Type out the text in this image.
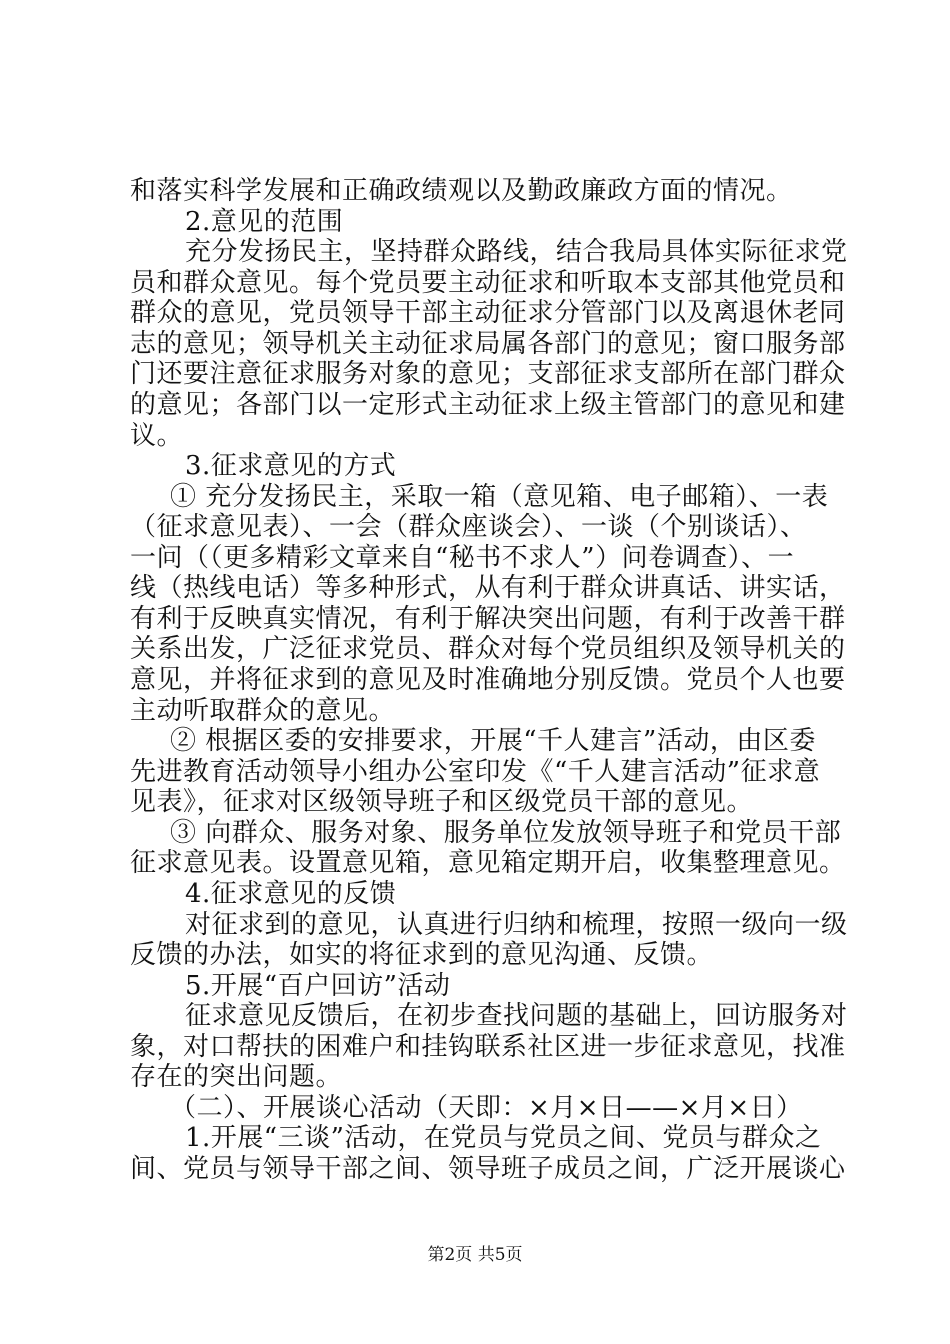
和落实科学发展和正确政绩观以及勤政廉政方面的情况。
2.意见的范围
充分发扬民主，坚持群众路线，结合我局具体实际征求党
员和群众意见。每个党员要主动征求和听取本支部其他党员和
群众的意见，党员领导干部主动征求分管部门以及离退休老同
志的意见；领导机关主动征求局属各部门的意见；窗口服务部
门还要注意征求服务对象的意见；支部征求支部所在部门群众
的意见；各部门以一定形式主动征求上级主管部门的意见和建
议。
3.征求意见的方式
① 充分发扬民主，采取一箱（意见箱、电子邮箱）、一表
（征求意见表）、一会（群众座谈会）、一谈（个别谈话）、
一问（（更多精彩文章来自“秘书不求人”）问卷调查）、一
线（热线电话）等多种形式，从有利于群众讲真话、讲实话，
有利于反映真实情况，有利于解决突出问题，有利于改善干群
关系出发，广泛征求党员、群众对每个党员组织及领导机关的
意见，并将征求到的意见及时准确地分别反馈。党员个人也要
主动听取群众的意见。
② 根据区委的安排要求，开展“千人建言”活动，由区委
先进教育活动领导小组办公室印发《“千人建言活动”征求意
见表》，征求对区级领导班子和区级党员干部的意见。
③ 向群众、服务对象、服务单位发放领导班子和党员干部
征求意见表。设置意见箱，意见箱定期开启，收集整理意见。
4.征求意见的反馈
对征求到的意见，认真进行归纳和梳理，按照一级向一级
反馈的办法，如实的将征求到的意见沟通、反馈。
5.开展“百户回访”活动
征求意见反馈后，在初步查找问题的基础上，回访服务对
象，对口帮扶的困难户和挂钩联系社区进一步征求意见，找准
存在的突出问题。
（二）、开展谈心活动（天即：×月×日——×月×日）
1.开展“三谈”活动，在党员与党员之间、党员与群众之
间、党员与领导干部之间、领导班子成员之间，广泛开展谈心
第2页 共5页
